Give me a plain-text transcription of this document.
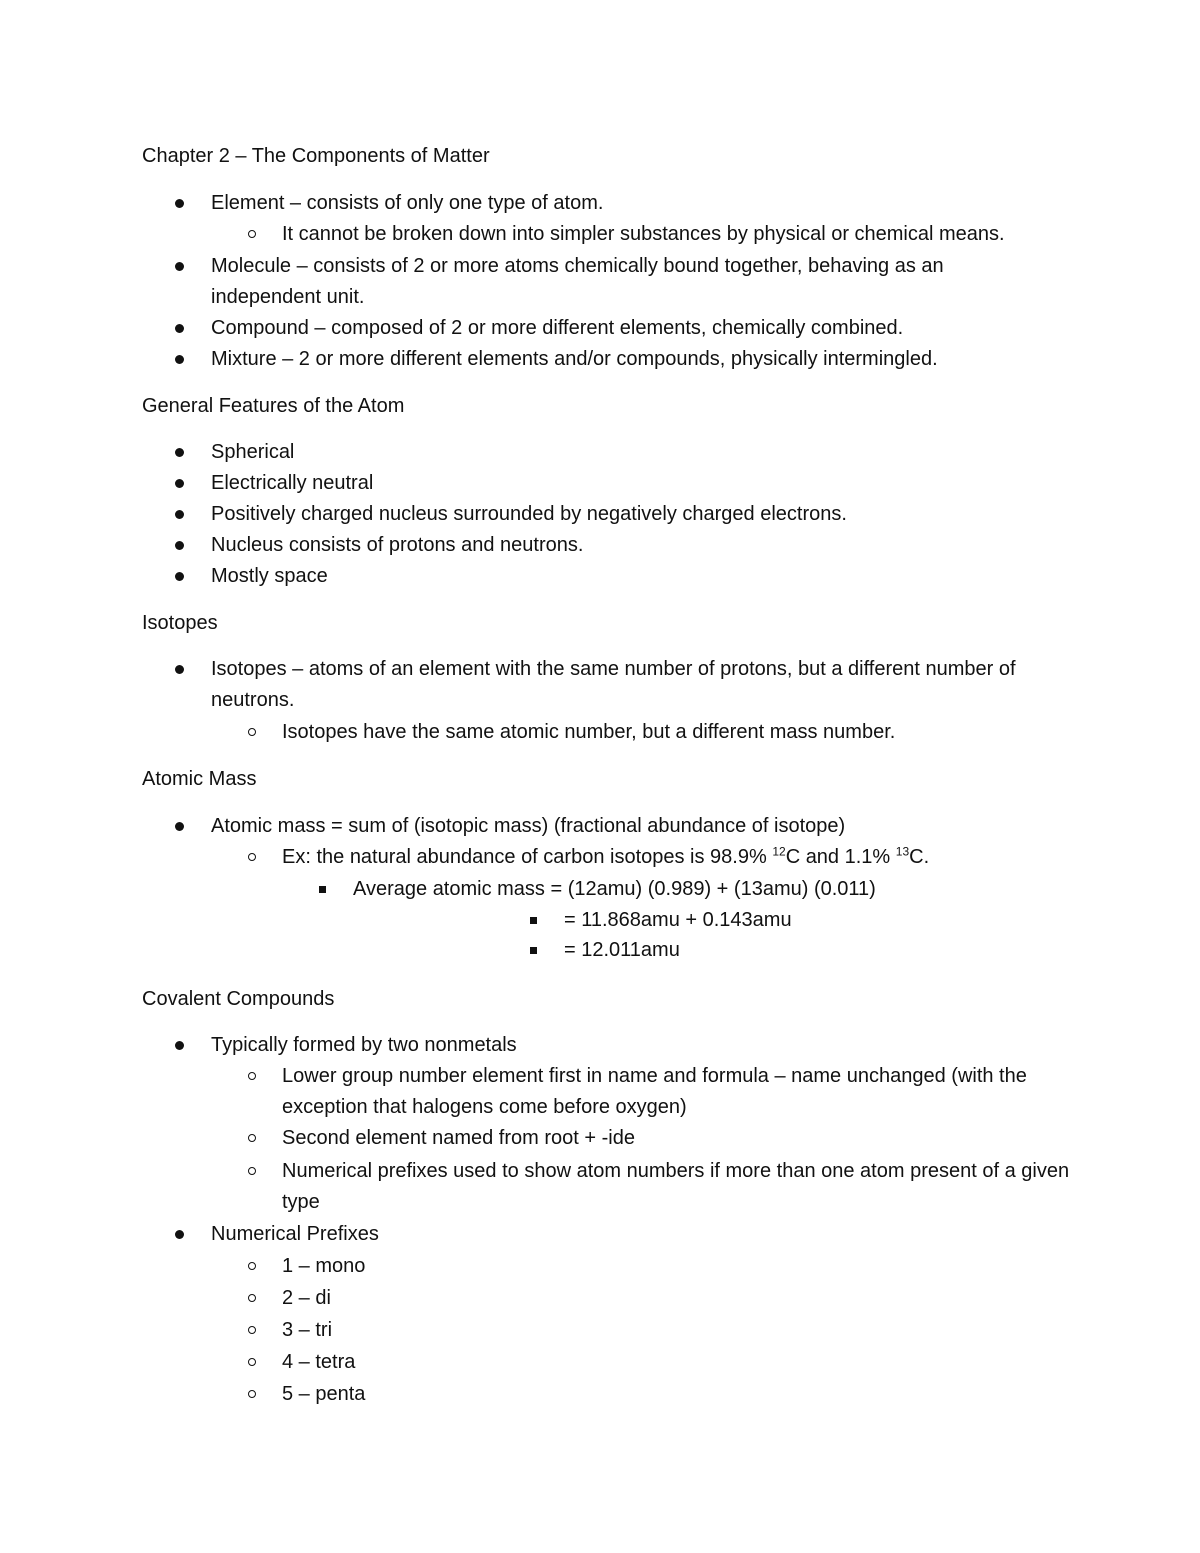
Chapter 2 – The Components of Matter
Element – consists of only one type of atom.
It cannot be broken down into simpler substances by physical or chemical means.
Molecule – consists of 2 or more atoms chemically bound together, behaving as an independent unit.
Compound – composed of 2 or more different elements, chemically combined.
Mixture – 2 or more different elements and/or compounds, physically intermingled.
General Features of the Atom
Spherical
Electrically neutral
Positively charged nucleus surrounded by negatively charged electrons.
Nucleus consists of protons and neutrons.
Mostly space
Isotopes
Isotopes – atoms of an element with the same number of protons, but a different number of neutrons.
Isotopes have the same atomic number, but a different mass number.
Atomic Mass
Atomic mass = sum of (isotopic mass) (fractional abundance of isotope)
Ex: the natural abundance of carbon isotopes is 98.9% $^{12}$C and 1.1% $^{13}$C.
Average atomic mass = (12amu) (0.989) + (13amu) (0.011)
= 11.868amu + 0.143amu
= 12.011amu
Covalent Compounds
Typically formed by two nonmetals
Lower group number element first in name and formula – name unchanged (with the exception that halogens come before oxygen)
Second element named from root + -ide
Numerical prefixes used to show atom numbers if more than one atom present of a given type
Numerical Prefixes
1 – mono
2 – di
3 – tri
4 – tetra
5 – penta
